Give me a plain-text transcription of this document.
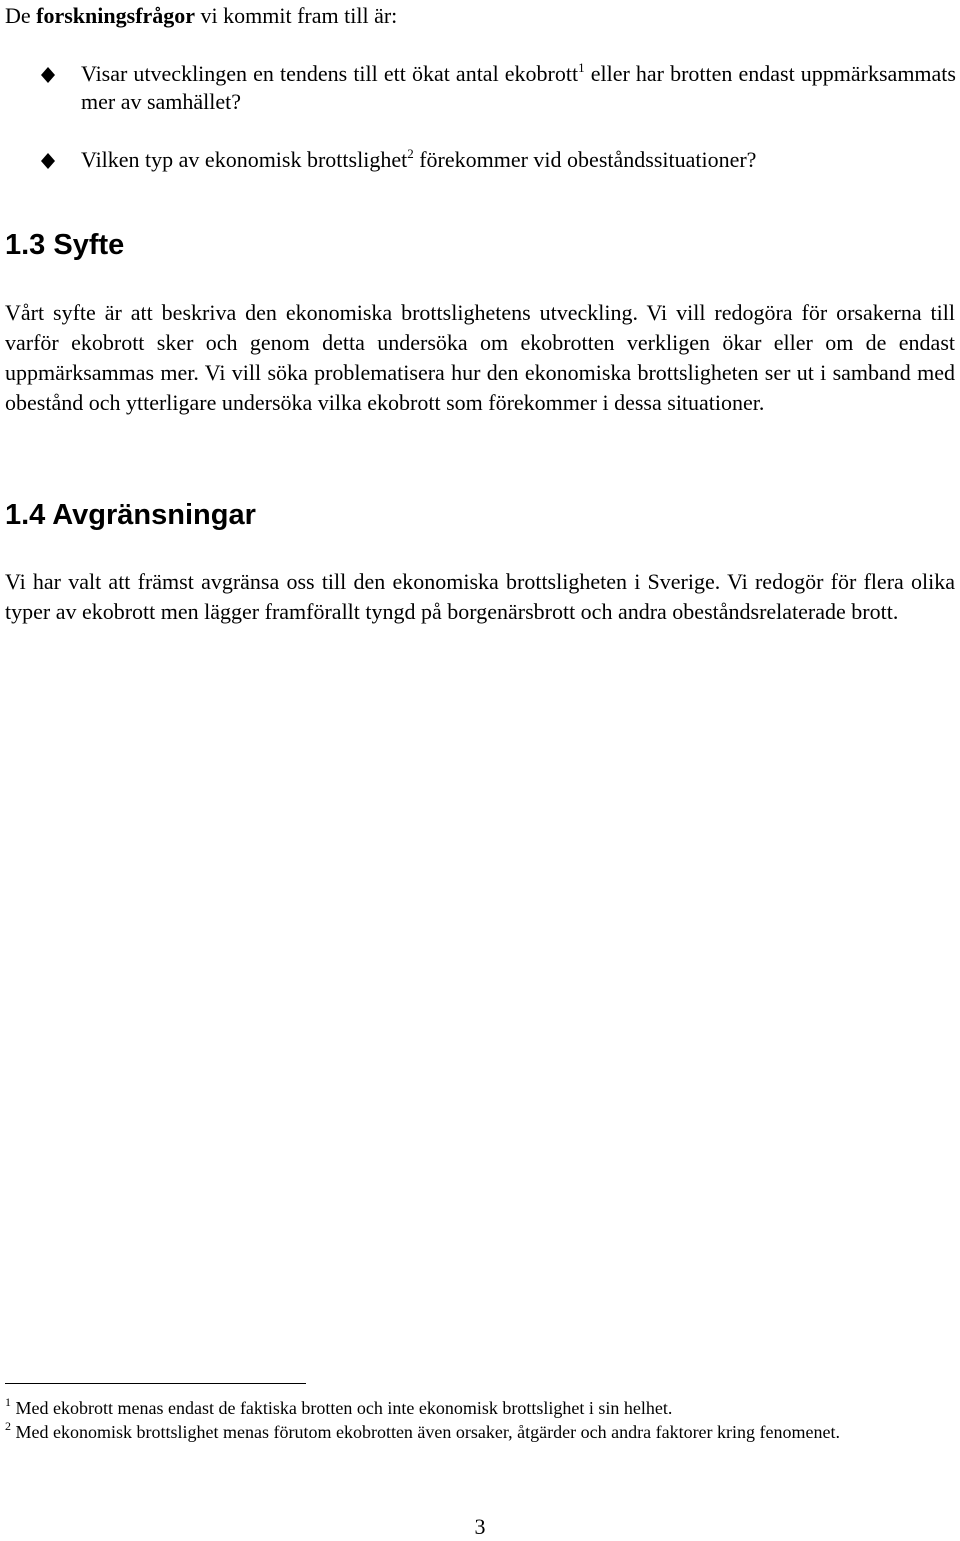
De forskningsfrågor vi kommit fram till är:
Visar utvecklingen en tendens till ett ökat antal ekobrott$^1$ eller har brotten endast uppmärksammats mer av samhället?
Vilken typ av ekonomisk brottslighet$^2$ förekommer vid obeståndssituationer?
1.3 Syfte
Vårt syfte är att beskriva den ekonomiska brottslighetens utveckling. Vi vill redogöra för orsakerna till varför ekobrott sker och genom detta undersöka om ekobrotten verkligen ökar eller om de endast uppmärksammas mer. Vi vill söka problematisera hur den ekonomiska brottsligheten ser ut i samband med obestånd och ytterligare undersöka vilka ekobrott som förekommer i dessa situationer.
1.4 Avgränsningar
Vi har valt att främst avgränsa oss till den ekonomiska brottsligheten i Sverige. Vi redogör för flera olika typer av ekobrott men lägger framförallt tyngd på borgenärsbrott och andra obeståndsrelaterade brott.
$^1$ Med ekobrott menas endast de faktiska brotten och inte ekonomisk brottslighet i sin helhet.
$^2$ Med ekonomisk brottslighet menas förutom ekobrotten även orsaker, åtgärder och andra faktorer kring fenomenet.
3
